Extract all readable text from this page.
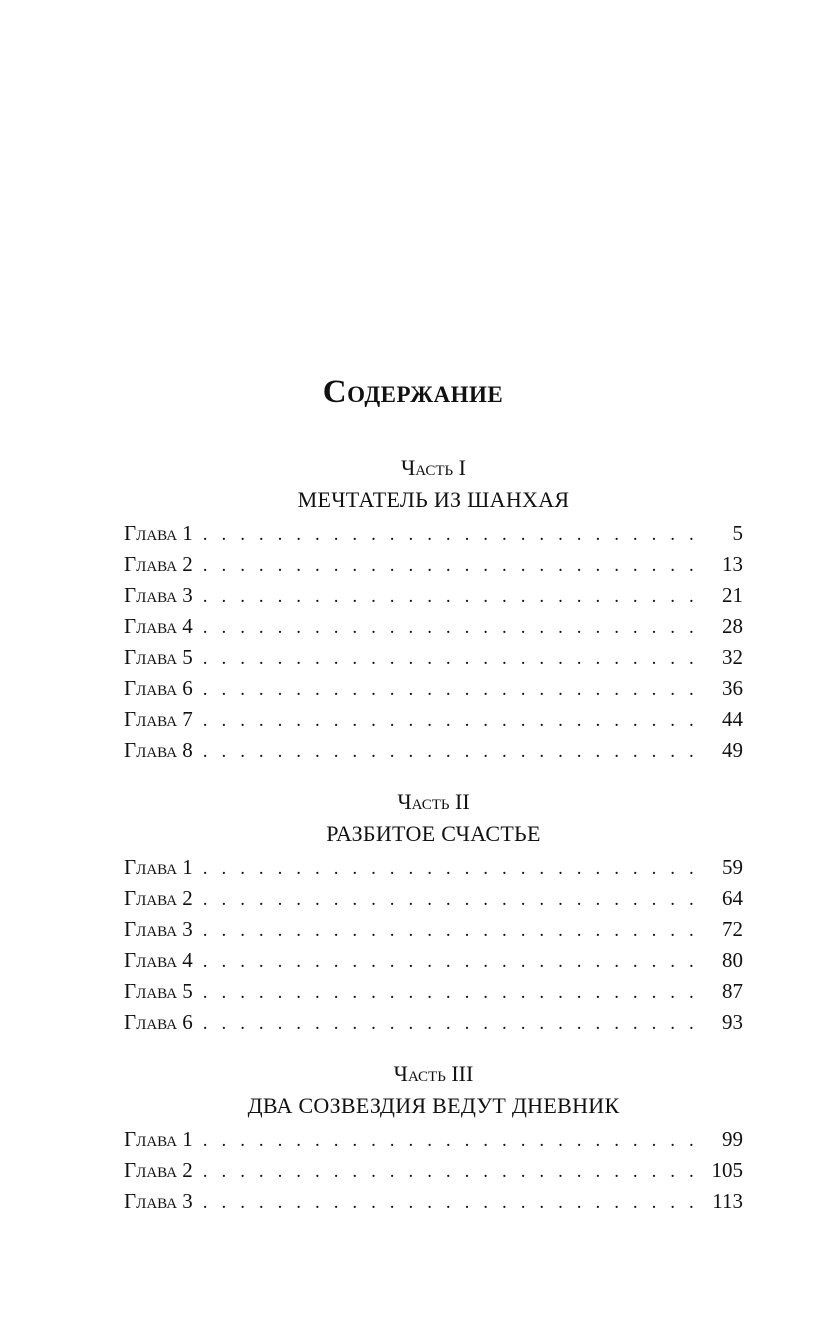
Содержание
Часть I
МЕЧТАТЕЛЬ ИЗ ШАНХАЯ
Глава 1 . . .	5
Глава 2 . . .	13
Глава 3 . . .	21
Глава 4 . . .	28
Глава 5 . . .	32
Глава 6 . . .	36
Глава 7 . . .	44
Глава 8 . . .	49
Часть II
РАЗБИТОЕ СЧАСТЬЕ
Глава 1 . . .	59
Глава 2 . . .	64
Глава 3 . . .	72
Глава 4 . . .	80
Глава 5 . . .	87
Глава 6 . . .	93
Часть III
ДВА СОЗВЕЗДИЯ ВЕДУТ ДНЕВНИК
Глава 1 . . .	99
Глава 2 . . .	105
Глава 3 . . .	113
